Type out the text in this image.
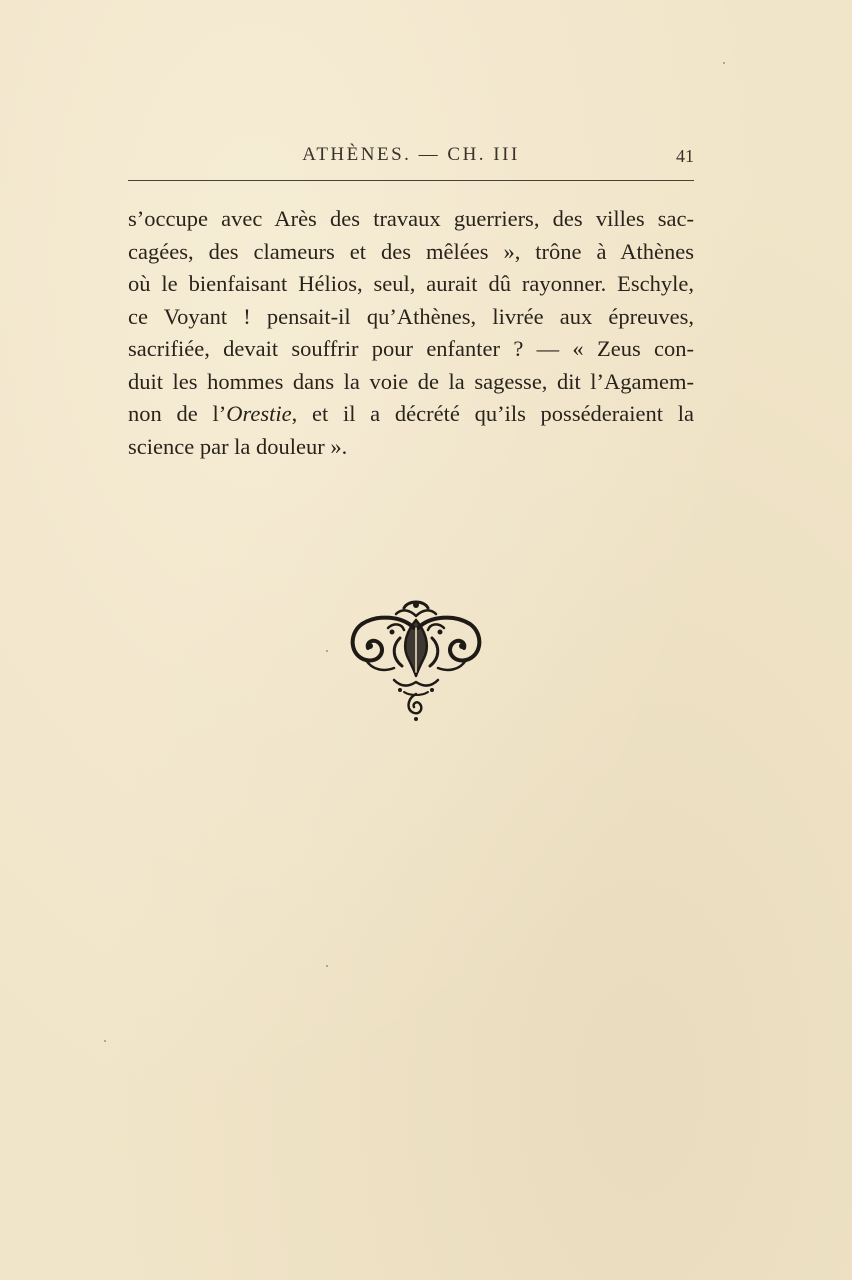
ATHÈNES. — CH. III	41
s’occupe avec Arès des travaux guerriers, des villes sac-
cagées, des clameurs et des mêlées », trône à Athènes
où le bienfaisant Hélios, seul, aurait dû rayonner. Eschyle,
ce Voyant ! pensait-il qu’Athènes, livrée aux épreuves,
sacrifiée, devait souffrir pour enfanter ? — « Zeus con-
duit les hommes dans la voie de la sagesse, dit l’Agamem-
non de l’Orestie, et il a décrété qu’ils posséderaient la
science par la douleur ».
